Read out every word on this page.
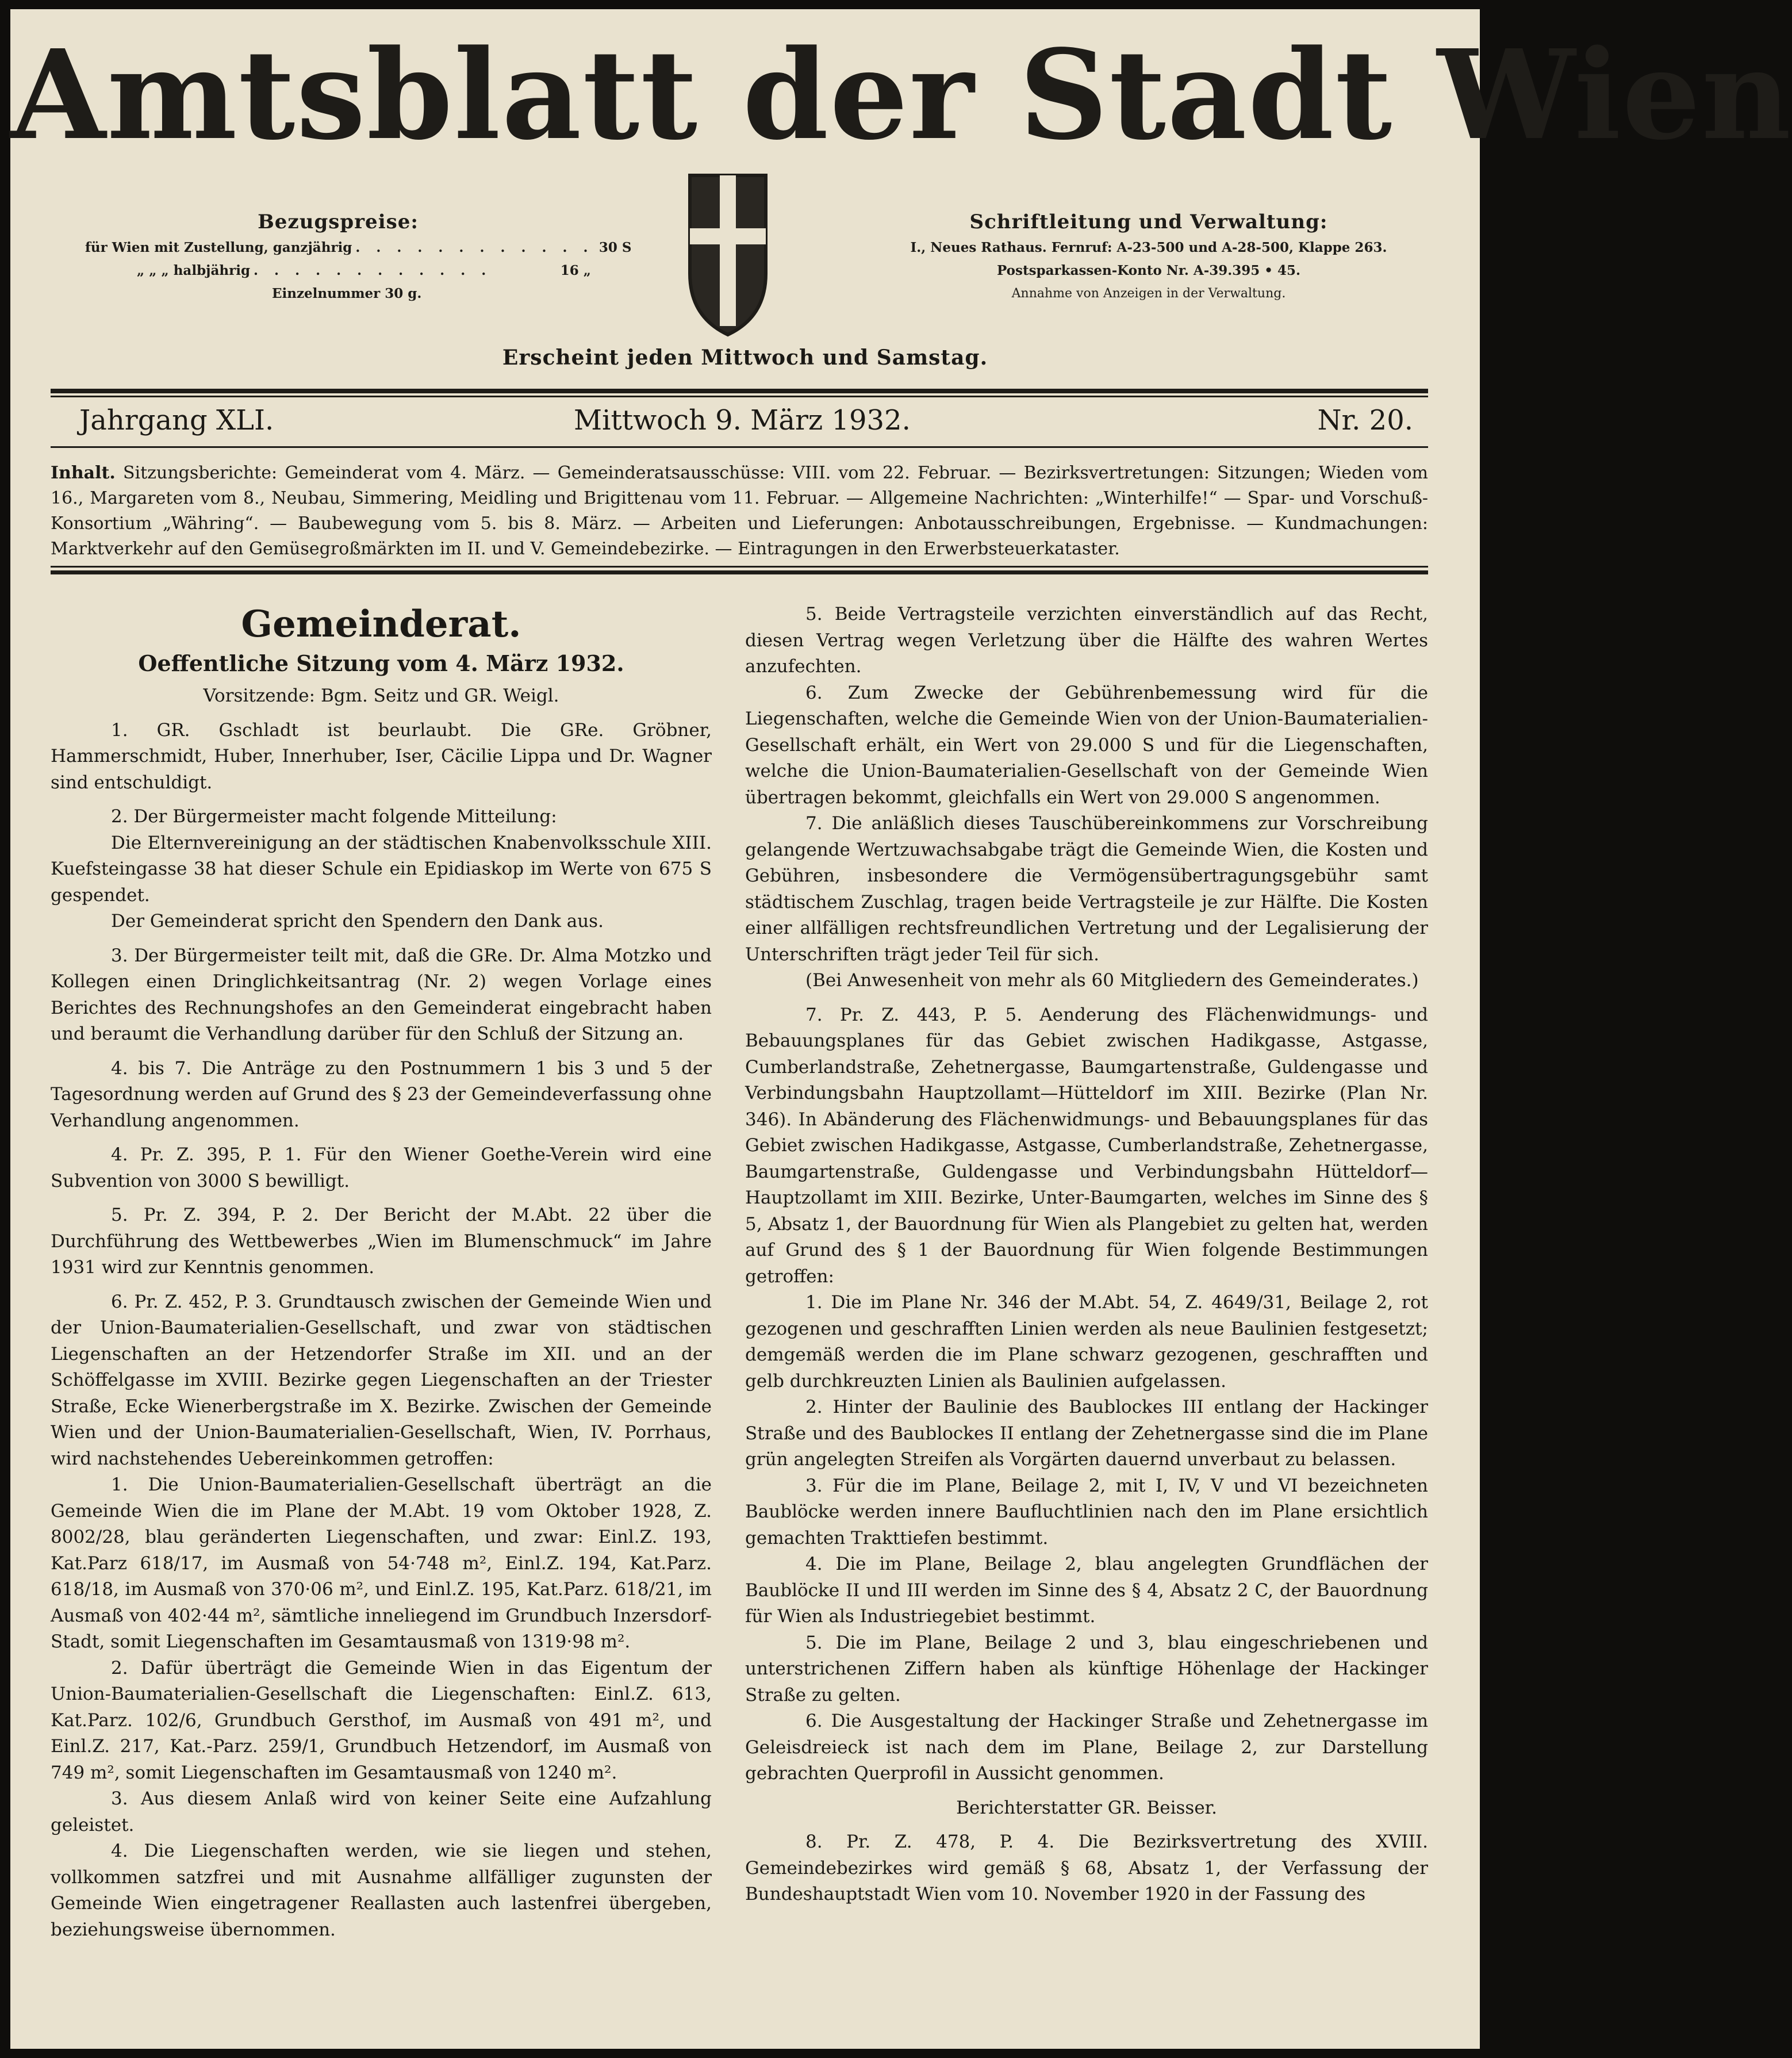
Amtsblatt der Stadt Wien
Bezugspreise:
für Wien mit Zustellung, ganzjährig . . . . . . . . . . . . 30 S
„ „ „ halbjährig . . . . . . . . . . . .	16 „
Einzelnummer 30 g.
Schriftleitung und Verwaltung:
I., Neues Rathaus. Fernruf: A-23-500 und A-28-500, Klappe 263.
Postsparkassen-Konto Nr. A-39.395 • 45.
Annahme von Anzeigen in der Verwaltung.
Erscheint jeden Mittwoch und Samstag.
Jahrgang XLI.	Mittwoch 9. März 1932.	Nr. 20.
Inhalt. Sitzungsberichte: Gemeinderat vom 4. März. — Gemeinderatsausschüsse: VIII. vom 22. Februar. — Bezirksvertretungen: Sitzungen; Wieden vom 16., Margareten vom 8., Neubau, Simmering, Meidling und Brigittenau vom 11. Februar. — Allgemeine Nachrichten: „Winterhilfe!“ — Spar- und Vorschuß-Konsortium „Währing“. — Baubewegung vom 5. bis 8. März. — Arbeiten und Lieferungen: Anbotausschreibungen, Ergebnisse. — Kundmachungen: Marktverkehr auf den Gemüsegroßmärkten im II. und V. Gemeindebezirke. — Eintragungen in den Erwerbsteuerkataster.
Gemeinderat.
Oeffentliche Sitzung vom 4. März 1932.

Vorsitzende: Bgm. Seitz und GR. Weigl.

1. GR. Gschladt ist beurlaubt. Die GRe. Gröbner, Hammerschmidt, Huber, Innerhuber, Iser, Cäcilie Lippa und Dr. Wagner sind entschuldigt.

2. Der Bürgermeister macht folgende Mitteilung:

Die Elternvereinigung an der städtischen Knabenvolksschule XIII. Kuefsteingasse 38 hat dieser Schule ein Epidiaskop im Werte von 675 S gespendet.

Der Gemeinderat spricht den Spendern den Dank aus.

3. Der Bürgermeister teilt mit, daß die GRe. Dr. Alma Motzko und Kollegen einen Dringlichkeitsantrag (Nr. 2) wegen Vorlage eines Berichtes des Rechnungshofes an den Gemeinderat eingebracht haben und beraumt die Verhandlung darüber für den Schluß der Sitzung an.

4. bis 7. Die Anträge zu den Postnummern 1 bis 3 und 5 der Tagesordnung werden auf Grund des § 23 der Gemeindeverfassung ohne Verhandlung angenommen.

4. Pr. Z. 395, P. 1. Für den Wiener Goethe-Verein wird eine Subvention von 3000 S bewilligt.

5. Pr. Z. 394, P. 2. Der Bericht der M.Abt. 22 über die Durchführung des Wettbewerbes „Wien im Blumenschmuck“ im Jahre 1931 wird zur Kenntnis genommen.

6. Pr. Z. 452, P. 3. Grundtausch zwischen der Gemeinde Wien und der Union-Baumaterialien-Gesellschaft, und zwar von städtischen Liegenschaften an der Hetzendorfer Straße im XII. und an der Schöffelgasse im XVIII. Bezirke gegen Liegenschaften an der Triester Straße, Ecke Wienerbergstraße im X. Bezirke. Zwischen der Gemeinde Wien und der Union-Baumaterialien-Gesellschaft, Wien, IV. Porrhaus, wird nachstehendes Uebereinkommen getroffen:

1. Die Union-Baumaterialien-Gesellschaft überträgt an die Gemeinde Wien die im Plane der M.Abt. 19 vom Oktober 1928, Z. 8002/28, blau geränderten Liegenschaften, und zwar: Einl.Z. 193, Kat.Parz 618/17, im Ausmaß von 54·748 m², Einl.Z. 194, Kat.Parz. 618/18, im Ausmaß von 370·06 m², und Einl.Z. 195, Kat.Parz. 618/21, im Ausmaß von 402·44 m², sämtliche inneliegend im Grundbuch Inzersdorf-Stadt, somit Liegenschaften im Gesamtausmaß von 1319·98 m².

2. Dafür überträgt die Gemeinde Wien in das Eigentum der Union-Baumaterialien-Gesellschaft die Liegenschaften: Einl.Z. 613, Kat.Parz. 102/6, Grundbuch Gersthof, im Ausmaß von 491 m², und Einl.Z. 217, Kat.-Parz. 259/1, Grundbuch Hetzendorf, im Ausmaß von 749 m², somit Liegenschaften im Gesamtausmaß von 1240 m².

3. Aus diesem Anlaß wird von keiner Seite eine Aufzahlung geleistet.

4. Die Liegenschaften werden, wie sie liegen und stehen, vollkommen satzfrei und mit Ausnahme allfälliger zugunsten der Gemeinde Wien eingetragener Reallasten auch lastenfrei übergeben, beziehungsweise übernommen.

5. Beide Vertragsteile verzichten einverständlich auf das Recht, diesen Vertrag wegen Verletzung über die Hälfte des wahren Wertes anzufechten.

6. Zum Zwecke der Gebührenbemessung wird für die Liegenschaften, welche die Gemeinde Wien von der Union-Baumaterialien-Gesellschaft erhält, ein Wert von 29.000 S und für die Liegenschaften, welche die Union-Baumaterialien-Gesellschaft von der Gemeinde Wien übertragen bekommt, gleichfalls ein Wert von 29.000 S angenommen.

7. Die anläßlich dieses Tauschübereinkommens zur Vorschreibung gelangende Wertzuwachsabgabe trägt die Gemeinde Wien, die Kosten und Gebühren, insbesondere die Vermögensübertragungsgebühr samt städtischem Zuschlag, tragen beide Vertragsteile je zur Hälfte. Die Kosten einer allfälligen rechtsfreundlichen Vertretung und der Legalisierung der Unterschriften trägt jeder Teil für sich.

(Bei Anwesenheit von mehr als 60 Mitgliedern des Gemeinderates.)

7. Pr. Z. 443, P. 5. Aenderung des Flächenwidmungs- und Bebauungsplanes für das Gebiet zwischen Hadikgasse, Astgasse, Cumberlandstraße, Zehetnergasse, Baumgartenstraße, Guldengasse und Verbindungsbahn Hauptzollamt—Hütteldorf im XIII. Bezirke (Plan Nr. 346). In Abänderung des Flächenwidmungs- und Bebauungsplanes für das Gebiet zwischen Hadikgasse, Astgasse, Cumberlandstraße, Zehetnergasse, Baumgartenstraße, Guldengasse und Verbindungsbahn Hütteldorf—Hauptzollamt im XIII. Bezirke, Unter-Baumgarten, welches im Sinne des § 5, Absatz 1, der Bauordnung für Wien als Plangebiet zu gelten hat, werden auf Grund des § 1 der Bauordnung für Wien folgende Bestimmungen getroffen:

1. Die im Plane Nr. 346 der M.Abt. 54, Z. 4649/31, Beilage 2, rot gezogenen und geschrafften Linien werden als neue Baulinien festgesetzt; demgemäß werden die im Plane schwarz gezogenen, geschrafften und gelb durchkreuzten Linien als Baulinien aufgelassen.

2. Hinter der Baulinie des Baublockes III entlang der Hackinger Straße und des Baublockes II entlang der Zehetnergasse sind die im Plane grün angelegten Streifen als Vorgärten dauernd unverbaut zu belassen.

3. Für die im Plane, Beilage 2, mit I, IV, V und VI bezeichneten Baublöcke werden innere Baufluchtlinien nach den im Plane ersichtlich gemachten Trakttiefen bestimmt.

4. Die im Plane, Beilage 2, blau angelegten Grundflächen der Baublöcke II und III werden im Sinne des § 4, Absatz 2 C, der Bauordnung für Wien als Industriegebiet bestimmt.

5. Die im Plane, Beilage 2 und 3, blau eingeschriebenen und unterstrichenen Ziffern haben als künftige Höhenlage der Hackinger Straße zu gelten.

6. Die Ausgestaltung der Hackinger Straße und Zehetnergasse im Geleisdreieck ist nach dem im Plane, Beilage 2, zur Darstellung gebrachten Querprofil in Aussicht genommen.

Berichterstatter GR. Beisser.

8. Pr. Z. 478, P. 4. Die Bezirksvertretung des XVIII. Gemeindebezirkes wird gemäß § 68, Absatz 1, der Verfassung der Bundeshauptstadt Wien vom 10. November 1920 in der Fassung des
